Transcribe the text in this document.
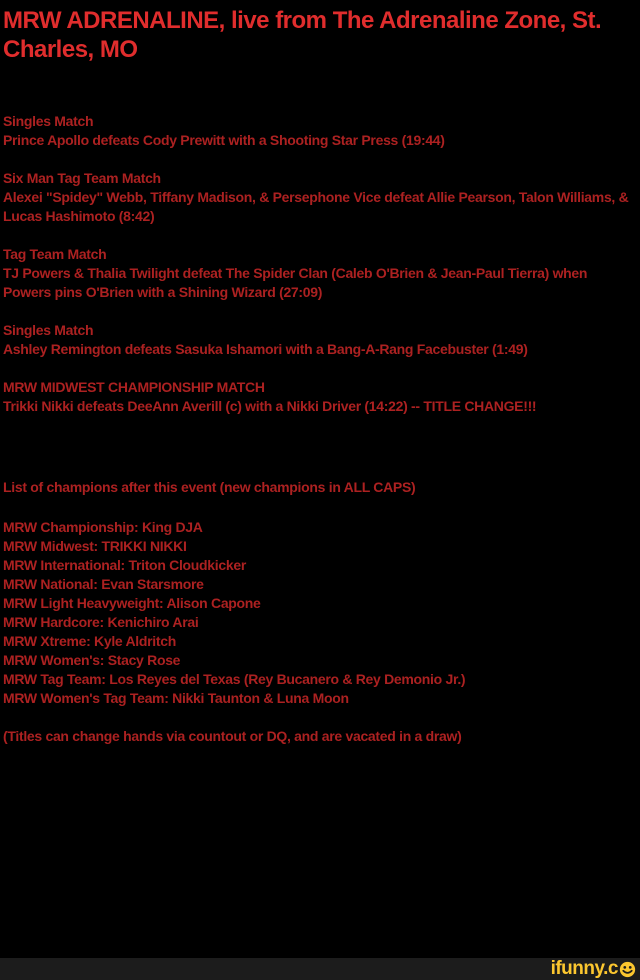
MRW ADRENALINE, live from The Adrenaline Zone, St. Charles, MO
Singles Match
Prince Apollo defeats Cody Prewitt with a Shooting Star Press (19:44)
Six Man Tag Team Match
Alexei "Spidey" Webb, Tiffany Madison, & Persephone Vice defeat Allie Pearson, Talon Williams, & Lucas Hashimoto (8:42)
Tag Team Match
TJ Powers & Thalia Twilight defeat The Spider Clan (Caleb O'Brien & Jean-Paul Tierra) when Powers pins O'Brien with a Shining Wizard (27:09)
Singles Match
Ashley Remington defeats Sasuka Ishamori with a Bang-A-Rang Facebuster (1:49)
MRW MIDWEST CHAMPIONSHIP MATCH
Trikki Nikki defeats DeeAnn Averill (c) with a Nikki Driver (14:22) -- TITLE CHANGE!!!
List of champions after this event (new champions in ALL CAPS)
MRW Championship: King DJA
MRW Midwest: TRIKKI NIKKI
MRW International: Triton Cloudkicker
MRW National: Evan Starsmore
MRW Light Heavyweight: Alison Capone
MRW Hardcore: Kenichiro Arai
MRW Xtreme: Kyle Aldritch
MRW Women's: Stacy Rose
MRW Tag Team: Los Reyes del Texas (Rey Bucanero & Rey Demonio Jr.)
MRW Women's Tag Team: Nikki Taunton & Luna Moon
(Titles can change hands via countout or DQ, and are vacated in a draw)
ifunny.c
